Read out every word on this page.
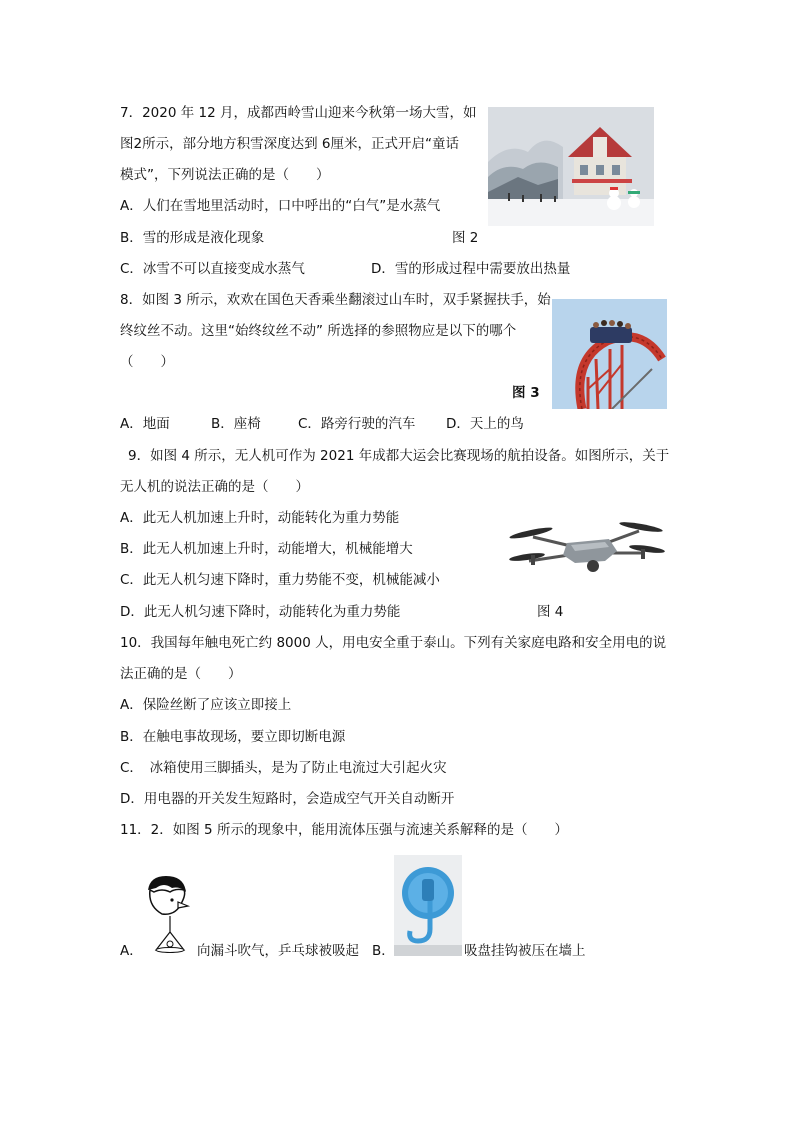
7．2020 年 12 月，成都西岭雪山迎来今秋第一场大雪，如
图2所示，部分地方积雪深度达到 6厘米，正式开启“童话
模式”，下列说法正确的是（　　）
A．人们在雪地里活动时，口中呼出的“白气”是水蒸气
B．雪的形成是液化现象	图 2
C．冰雪不可以直接变成水蒸气	D．雪的形成过程中需要放出热量
8．如图 3 所示，欢欢在国色天香乘坐翻滚过山车时，双手紧握扶手，始
终纹丝不动。这里“始终纹丝不动” 所选择的参照物应是以下的哪个
（　　）
图 3
A．地面	B．座椅	C．路旁行驶的汽车 D．天上的鸟
9．如图 4 所示，无人机可作为 2021 年成都大运会比赛现场的航拍设备。如图所示，关于
无人机的说法正确的是（　　）
A．此无人机加速上升时，动能转化为重力势能
B．此无人机加速上升时，动能增大，机械能增大
C．此无人机匀速下降时，重力势能不变，机械能减小
D．此无人机匀速下降时，动能转化为重力势能	图 4
10．我国每年触电死亡约 8000 人，用电安全重于泰山。下列有关家庭电路和安全用电的说
法正确的是（　　）
A．保险丝断了应该立即接上
B．在触电事故现场，要立即切断电源
C．　冰箱使用三脚插头，是为了防止电流过大引起火灾
D．用电器的开关发生短路时，会造成空气开关自动断开
11．2．如图 5 所示的现象中，能用流体压强与流速关系解释的是（　　）
A．	向漏斗吹气，乒乓球被吸起 B．	吸盘挂钩被压在墙上
